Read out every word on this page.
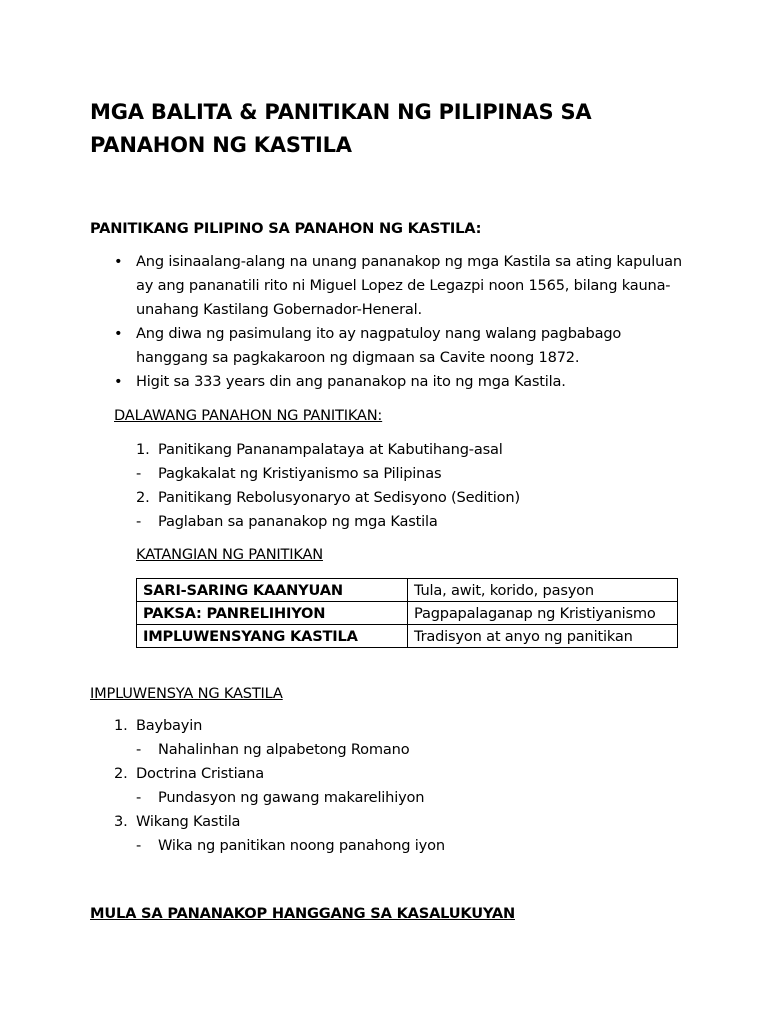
MGA BALITA & PANITIKAN NG PILIPINAS SA PANAHON NG KASTILA
PANITIKANG PILIPINO SA PANAHON NG KASTILA:
• Ang isinaalang-alang na unang pananakop ng mga Kastila sa ating kapuluan ay ang pananatili rito ni Miguel Lopez de Legazpi noon 1565, bilang kauna-unahang Kastilang Gobernador-Heneral.
• Ang diwa ng pasimulang ito ay nagpatuloy nang walang pagbabago hanggang sa pagkakaroon ng digmaan sa Cavite noong 1872.
• Higit sa 333 years din ang pananakop na ito ng mga Kastila.
DALAWANG PANAHON NG PANITIKAN:
1. Panitikang Pananampalataya at Kabutihang-asal
- Pagkakalat ng Kristiyanismo sa Pilipinas
2. Panitikang Rebolusyonaryo at Sedisyono (Sedition)
- Paglaban sa pananakop ng mga Kastila
KATANGIAN NG PANITIKAN
SARI-SARING KAANYUAN	Tula, awit, korido, pasyon
PAKSA: PANRELIHIYON	Pagpapalaganap ng Kristiyanismo
IMPLUWENSYANG KASTILA	Tradisyon at anyo ng panitikan
IMPLUWENSYA NG KASTILA
1. Baybayin
- Nahalinhan ng alpabetong Romano
2. Doctrina Cristiana
- Pundasyon ng gawang makarelihiyon
3. Wikang Kastila
- Wika ng panitikan noong panahong iyon
MULA SA PANANAKOP HANGGANG SA KASALUKUYAN
